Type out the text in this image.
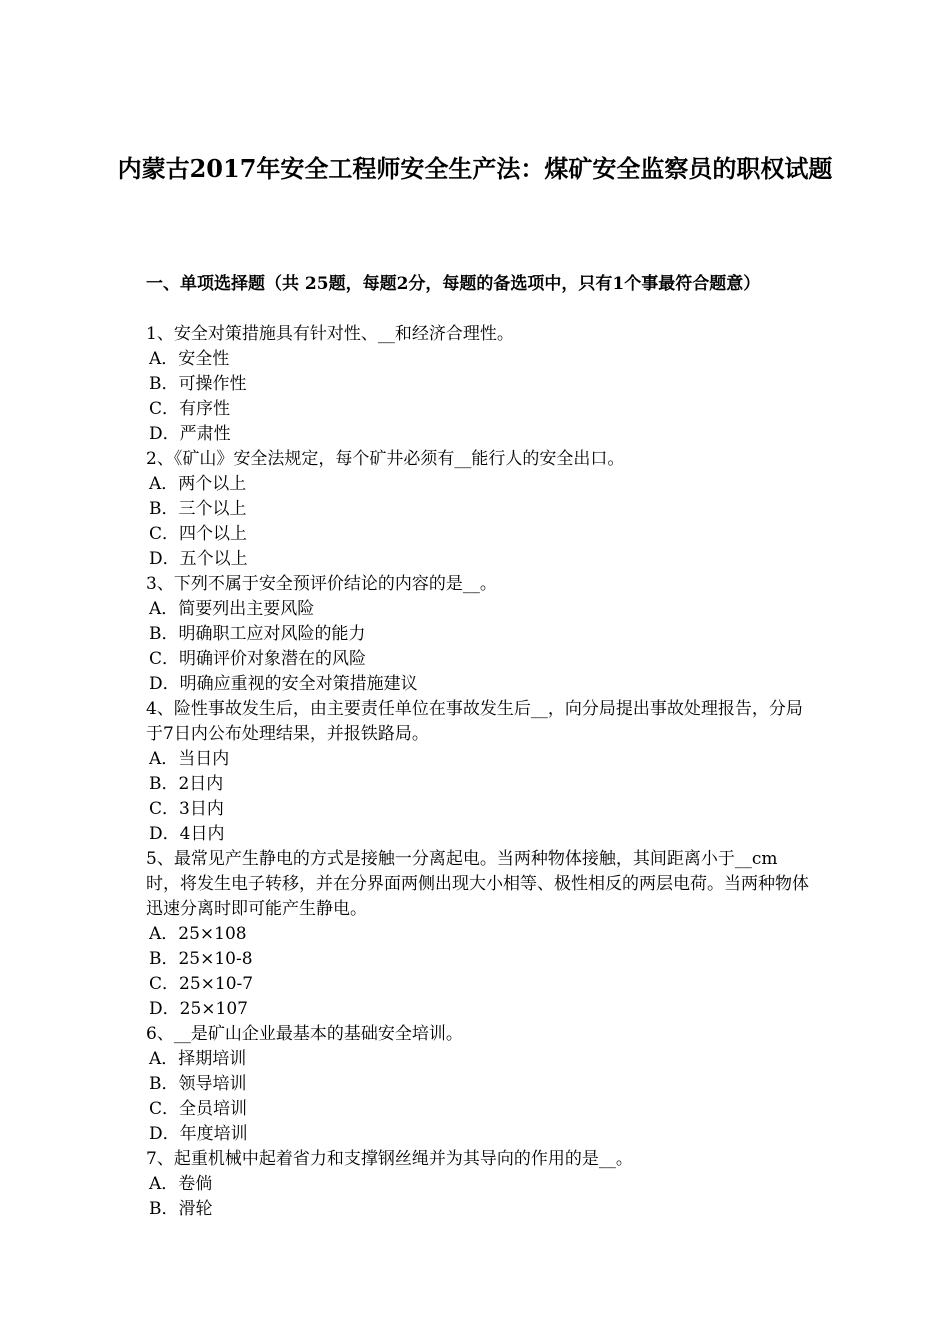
内蒙古2017年安全工程师安全生产法：煤矿安全监察员的职权试题
一、单项选择题（共 25题，每题2分，每题的备选项中，只有1个事最符合题意）
1、安全对策措施具有针对性、__和经济合理性。
A．安全性
B．可操作性
C．有序性
D．严肃性
2、《矿山》安全法规定，每个矿井必须有__能行人的安全出口。
A．两个以上
B．三个以上
C．四个以上
D．五个以上
3、下列不属于安全预评价结论的内容的是__。
A．简要列出主要风险
B．明确职工应对风险的能力
C．明确评价对象潜在的风险
D．明确应重视的安全对策措施建议
4、险性事故发生后，由主要责任单位在事故发生后__，向分局提出事故处理报告，分局于7日内公布处理结果，并报铁路局。
A．当日内
B．2日内
C．3日内
D．4日内
5、最常见产生静电的方式是接触一分离起电。当两种物体接触，其间距离小于__cm时，将发生电子转移，并在分界面两侧出现大小相等、极性相反的两层电荷。当两种物体迅速分离时即可能产生静电。
A．25×108
B．25×10-8
C．25×10-7
D．25×107
6、__是矿山企业最基本的基础安全培训。
A．择期培训
B．领导培训
C．全员培训
D．年度培训
7、起重机械中起着省力和支撑钢丝绳并为其导向的作用的是__。
A．卷倘
B．滑轮
